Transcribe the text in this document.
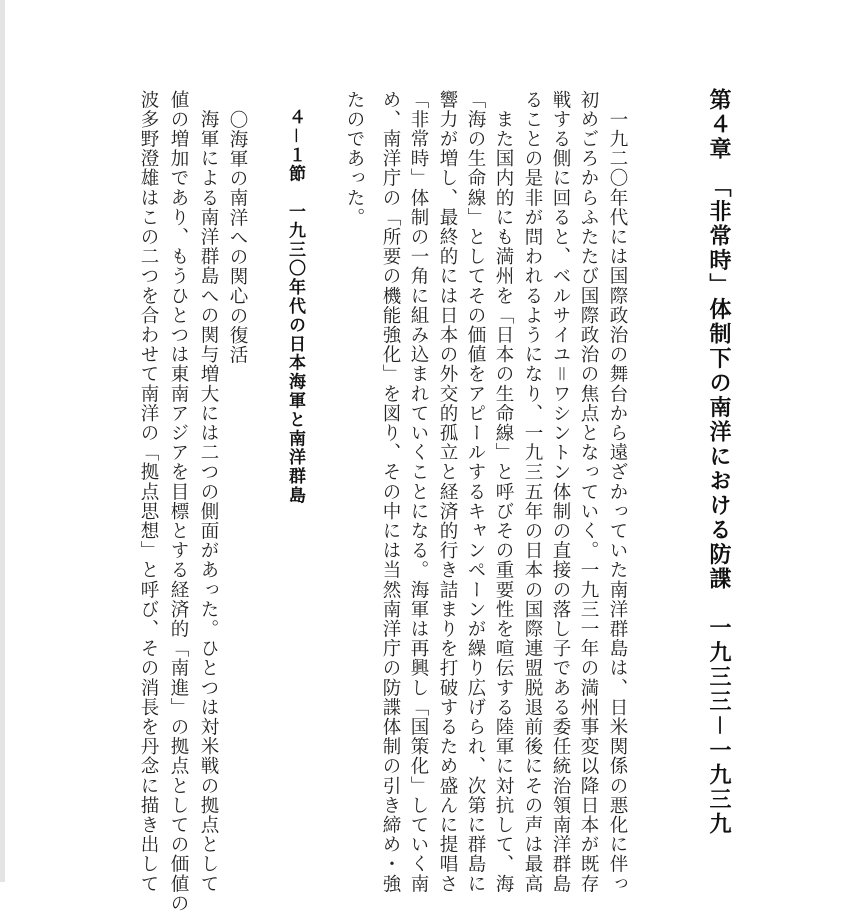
第４章　「非常時」体制下の南洋における防諜　一九三三－一九三九
　一九二〇年代には国際政治の舞台から遠ざかっていた南洋群島は、日米関係の悪化に伴っ
初めごろからふたたび国際政治の焦点となっていく。一九三一年の満州事変以降日本が既存
戦する側に回ると、ベルサイユ＝ワシントン体制の直接の落し子である委任統治領南洋群島
ることの是非が問われるようになり、一九三五年の日本の国際連盟脱退前後にその声は最高
　また国内的にも満州を「日本の生命線」と呼びその重要性を喧伝する陸軍に対抗して、海
「海の生命線」としてその価値をアピールするキャンペーンが繰り広げられ、次第に群島に
響力が増し、最終的には日本の外交的孤立と経済的行き詰まりを打破するため盛んに提唱さ
「非常時」体制の一角に組み込まれていくことになる。海軍は再興し「国策化」していく南
め、南洋庁の「所要の機能強化」を図り、その中には当然南洋庁の防諜体制の引き締め・強
たのであった。
４－１節　一九三〇年代の日本海軍と南洋群島
〇海軍の南洋への関心の復活
　海軍による南洋群島への関与増大には二つの側面があった。ひとつは対米戦の拠点として
値の増加であり、もうひとつは東南アジアを目標とする経済的「南進」の拠点としての価値の
波多野澄雄はこの二つを合わせて南洋の「拠点思想」と呼び、その消長を丹念に描き出して
